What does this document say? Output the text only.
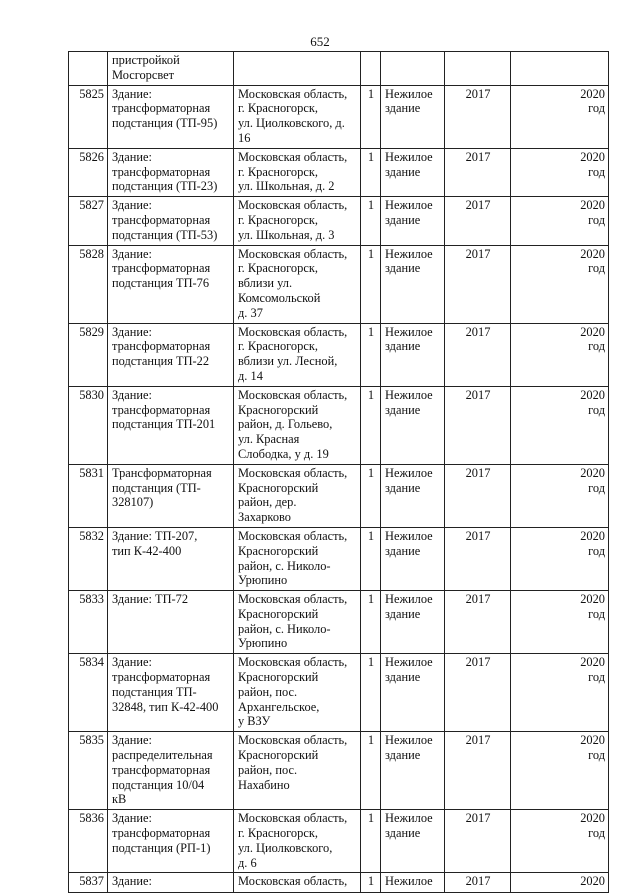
652
	пристройкой
Мосгорсвет					
5825	Здание:
трансформаторная
подстанция (ТП-95)	Московская область,
г. Красногорск,
ул. Циолковского, д.
16	1	Нежилое
здание	2017	2020
год
5826	Здание:
трансформаторная
подстанция (ТП-23)	Московская область,
г. Красногорск,
ул. Школьная, д. 2	1	Нежилое
здание	2017	2020
год
5827	Здание:
трансформаторная
подстанция (ТП-53)	Московская область,
г. Красногорск,
ул. Школьная, д. 3	1	Нежилое
здание	2017	2020
год
5828	Здание:
трансформаторная
подстанция ТП-76	Московская область,
г. Красногорск,
вблизи ул.
Комсомольской
д. 37	1	Нежилое
здание	2017	2020
год
5829	Здание:
трансформаторная
подстанция ТП-22	Московская область,
г. Красногорск,
вблизи ул. Лесной,
д. 14	1	Нежилое
здание	2017	2020
год
5830	Здание:
трансформаторная
подстанция ТП-201	Московская область,
Красногорский
район, д. Гольево,
ул. Красная
Слободка, у д. 19	1	Нежилое
здание	2017	2020
год
5831	Трансформаторная
подстанция (ТП-
328107)	Московская область,
Красногорский
район, дер.
Захарково	1	Нежилое
здание	2017	2020
год
5832	Здание: ТП-207,
тип К-42-400	Московская область,
Красногорский
район, с. Николо-
Урюпино	1	Нежилое
здание	2017	2020
год
5833	Здание: ТП-72	Московская область,
Красногорский
район, с. Николо-
Урюпино	1	Нежилое
здание	2017	2020
год
5834	Здание:
трансформаторная
подстанция ТП-
32848, тип К-42-400	Московская область,
Красногорский
район, пос.
Архангельское,
у ВЗУ	1	Нежилое
здание	2017	2020
год
5835	Здание:
распределительная
трансформаторная
подстанция 10/04
кВ	Московская область,
Красногорский
район, пос.
Нахабино	1	Нежилое
здание	2017	2020
год
5836	Здание:
трансформаторная
подстанция (РП-1)	Московская область,
г. Красногорск,
ул. Циолковского,
д. 6	1	Нежилое
здание	2017	2020
год
5837	Здание:	Московская область,	1	Нежилое	2017	2020
